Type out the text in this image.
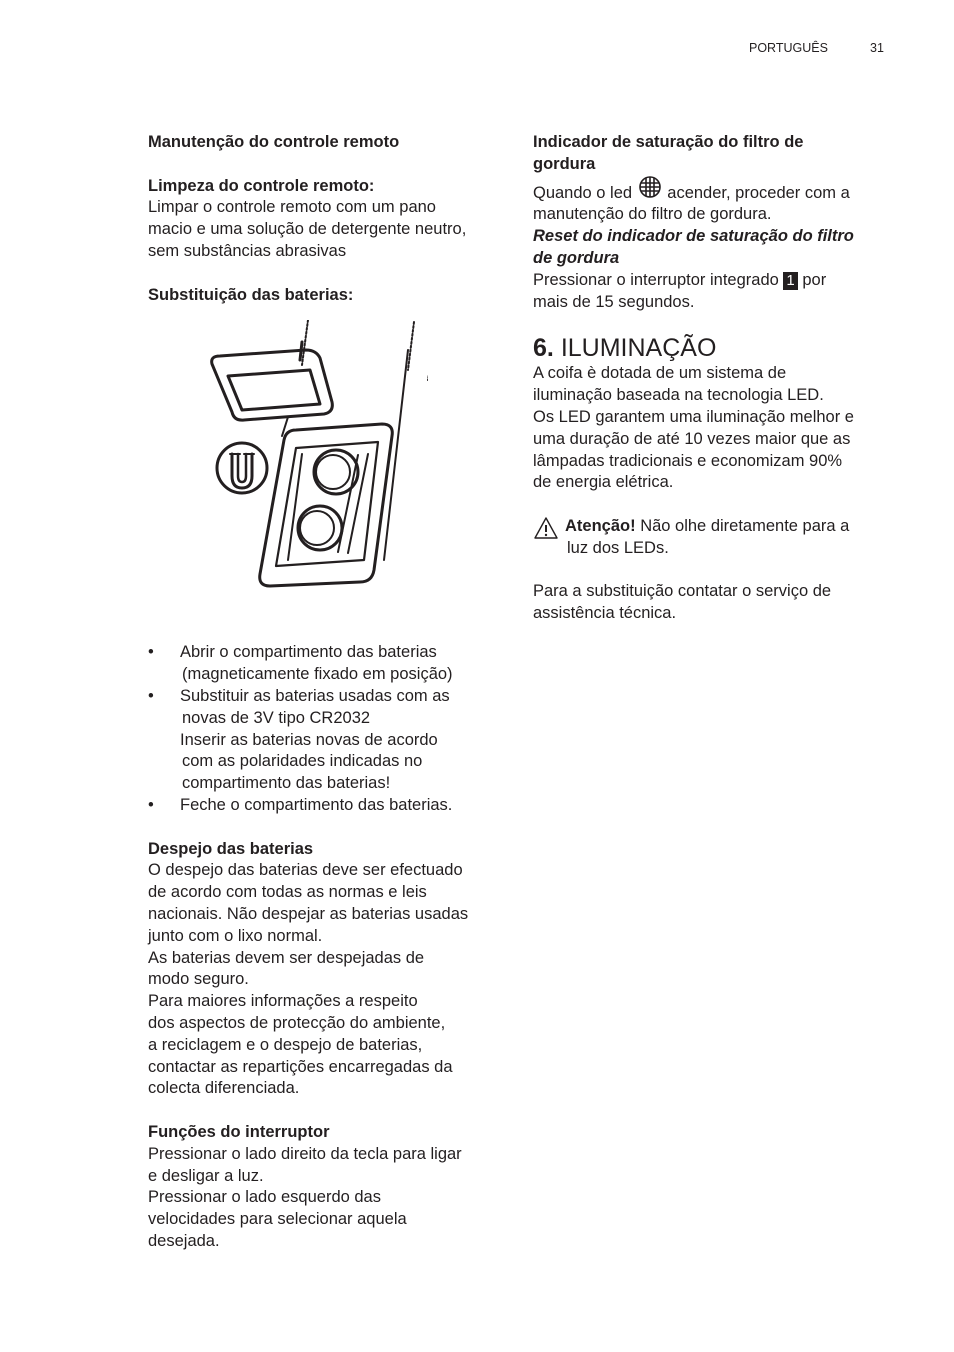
PORTUGUÊS	31

Manutenção do controle remoto

Limpeza do controle remoto:

Limpar o controle remoto com um pano

macio e uma solução de detergente neutro,

sem substâncias abrasivas

Substituição das baterias:

• Abrir o compartimento das baterias
(magneticamente fixado em posição)
• Substituir as baterias usadas com as
novas de 3V tipo CR2032
Inserir as baterias novas de acordo
com as polaridades indicadas no
compartimento das baterias!
• Feche o compartimento das baterias.

Despejo das baterias

O despejo das baterias deve ser efectuado

de acordo com todas as normas e leis

nacionais. Não despejar as baterias usadas

junto com o lixo normal.

As baterias devem ser despejadas de

modo seguro.

Para maiores informações a respeito

dos aspectos de protecção do ambiente,

a reciclagem e o despejo de baterias,

contactar as repartições encarregadas da

colecta diferenciada.

Funções do interruptor

Pressionar o lado direito da tecla para ligar

e desligar a luz.

Pressionar o lado esquerdo das

velocidades para selecionar aquela

desejada.

Indicador de saturação do filtro de

gordura

Quando o led acender, proceder com a

manutenção do filtro de gordura.

Reset do indicador de saturação do filtro

de gordura

Pressionar o interruptor integrado 1 por

mais de 15 segundos.

6. ILUMINAÇÃO

A coifa è dotada de um sistema de

iluminação baseada na tecnologia LED.

Os LED garantem uma iluminação melhor e

uma duração de até 10 vezes maior que as

lâmpadas tradicionais e economizam 90%

de energia elétrica.

Atenção! Não olhe diretamente para a
luz dos LEDs.

Para a substituição contatar o serviço de

assistência técnica.
